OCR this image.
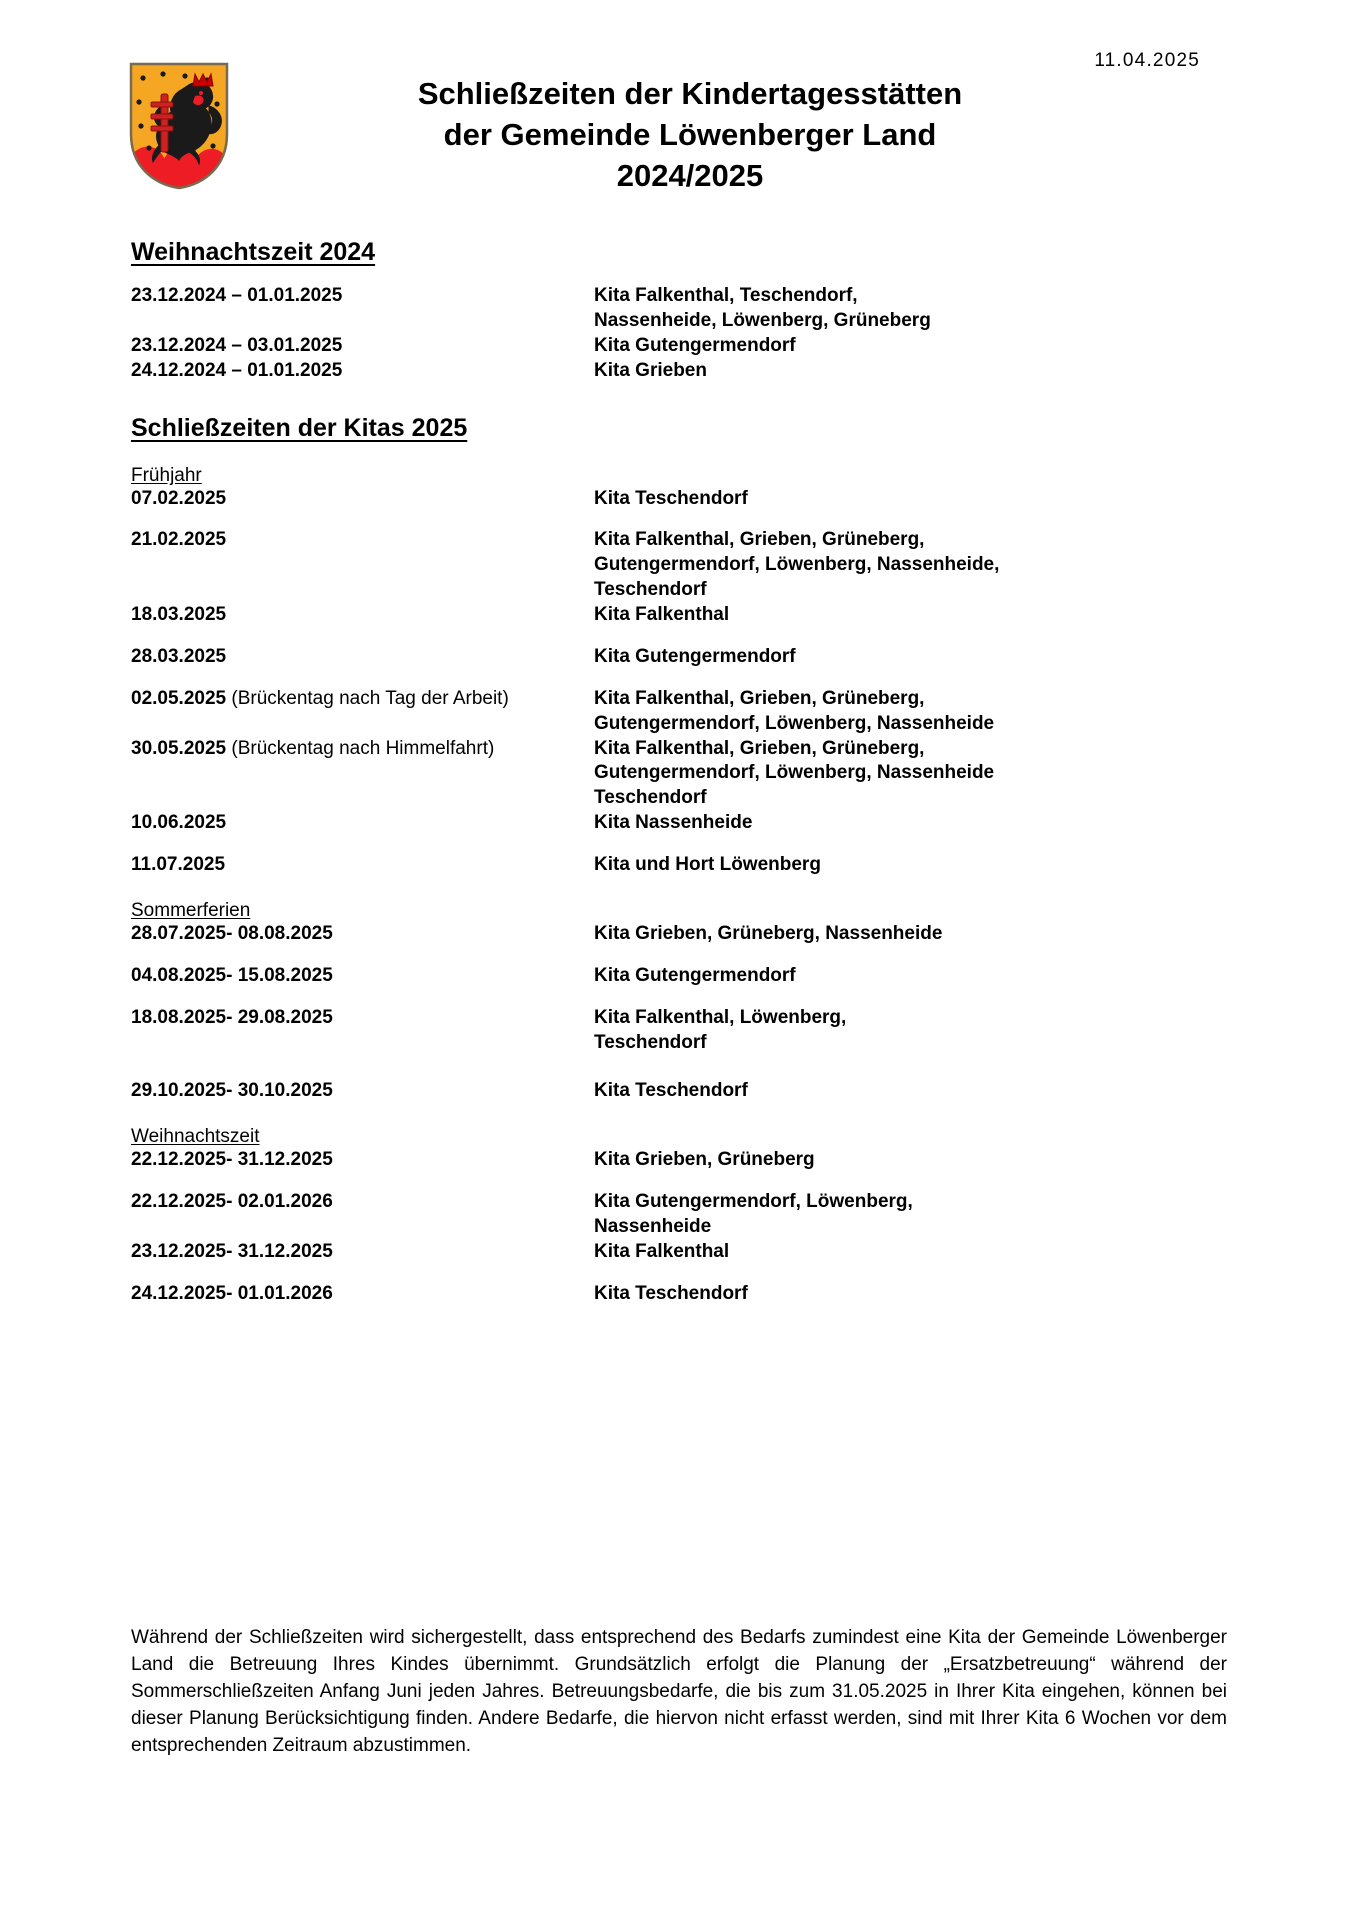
11.04.2025
Schließzeiten der Kindertagesstätten
der Gemeinde Löwenberger Land
2024/2025
Weihnachtszeit 2024
23.12.2024 – 01.01.2025	Kita Falkenthal, Teschendorf,
Nassenheide, Löwenberg, Grüneberg
23.12.2024 – 03.01.2025	Kita Gutengermendorf
24.12.2024 – 01.01.2025	Kita Grieben
Schließzeiten der Kitas 2025
Frühjahr
07.02.2025	Kita Teschendorf
21.02.2025	Kita Falkenthal, Grieben, Grüneberg,
Gutengermendorf, Löwenberg, Nassenheide,
Teschendorf
18.03.2025	Kita Falkenthal
28.03.2025	Kita Gutengermendorf
02.05.2025 (Brückentag nach Tag der Arbeit)	Kita Falkenthal, Grieben, Grüneberg,
Gutengermendorf, Löwenberg, Nassenheide
30.05.2025 (Brückentag nach Himmelfahrt)	Kita Falkenthal, Grieben, Grüneberg,
Gutengermendorf, Löwenberg, Nassenheide
Teschendorf
10.06.2025	Kita Nassenheide
11.07.2025	Kita und Hort Löwenberg
Sommerferien
28.07.2025- 08.08.2025	Kita Grieben, Grüneberg, Nassenheide
04.08.2025- 15.08.2025	Kita Gutengermendorf
18.08.2025- 29.08.2025	Kita Falkenthal, Löwenberg,
Teschendorf
29.10.2025- 30.10.2025	Kita Teschendorf
Weihnachtszeit
22.12.2025- 31.12.2025	Kita Grieben, Grüneberg
22.12.2025- 02.01.2026	Kita Gutengermendorf, Löwenberg,
Nassenheide
23.12.2025- 31.12.2025	Kita Falkenthal
24.12.2025- 01.01.2026	Kita Teschendorf
Während der Schließzeiten wird sichergestellt, dass entsprechend des Bedarfs zumindest eine Kita der Gemeinde Löwenberger Land die Betreuung Ihres Kindes übernimmt. Grundsätzlich erfolgt die Planung der „Ersatzbetreuung“ während der Sommerschließzeiten Anfang Juni jeden Jahres. Betreuungsbedarfe, die bis zum 31.05.2025 in Ihrer Kita eingehen, können bei dieser Planung Berücksichtigung finden. Andere Bedarfe, die hiervon nicht erfasst werden, sind mit Ihrer Kita 6 Wochen vor dem entsprechenden Zeitraum abzustimmen.
